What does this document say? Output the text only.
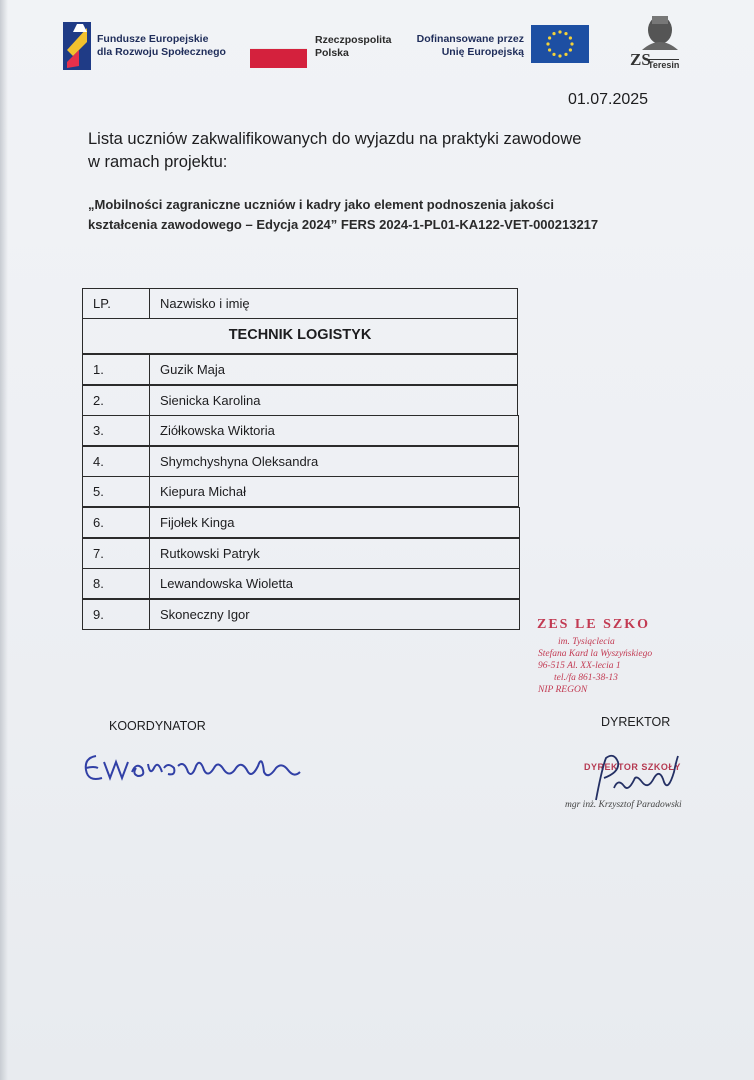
Fundusze Europejskie
dla Rozwoju Społecznego
Rzeczpospolita
Polska
Dofinansowane przez
Unię Europejską	ZS
Teresin
01.07.2025
Lista uczniów zakwalifikowanych do wyjazdu na praktyki zawodowe
w ramach projektu:
„Mobilności zagraniczne uczniów i kadry jako element podnoszenia jakości
kształcenia zawodowego – Edycja 2024” FERS 2024-1-PL01-KA122-VET-000213217
LP.	Nazwisko i imię
TECHNIK LOGISTYK
1.	Guzik Maja
2.	Sienicka Karolina
3.	Ziółkowska Wiktoria
4.	Shymchyshyna Oleksandra
5.	Kiepura Michał
6.	Fijołek Kinga
7.	Rutkowski Patryk
8.	Lewandowska Wioletta
9.	Skoneczny Igor
KOORDYNATOR	DYREKTOR
ZES LE SZKO
im. Tysiąclecia
Stefana Kard la Wyszyńskiego
96-515 Al. XX-lecia 1
tel./fa 861-38-13
NIP REGON
DYREKTOR SZKOŁY
mgr inż. Krzysztof Paradowski
